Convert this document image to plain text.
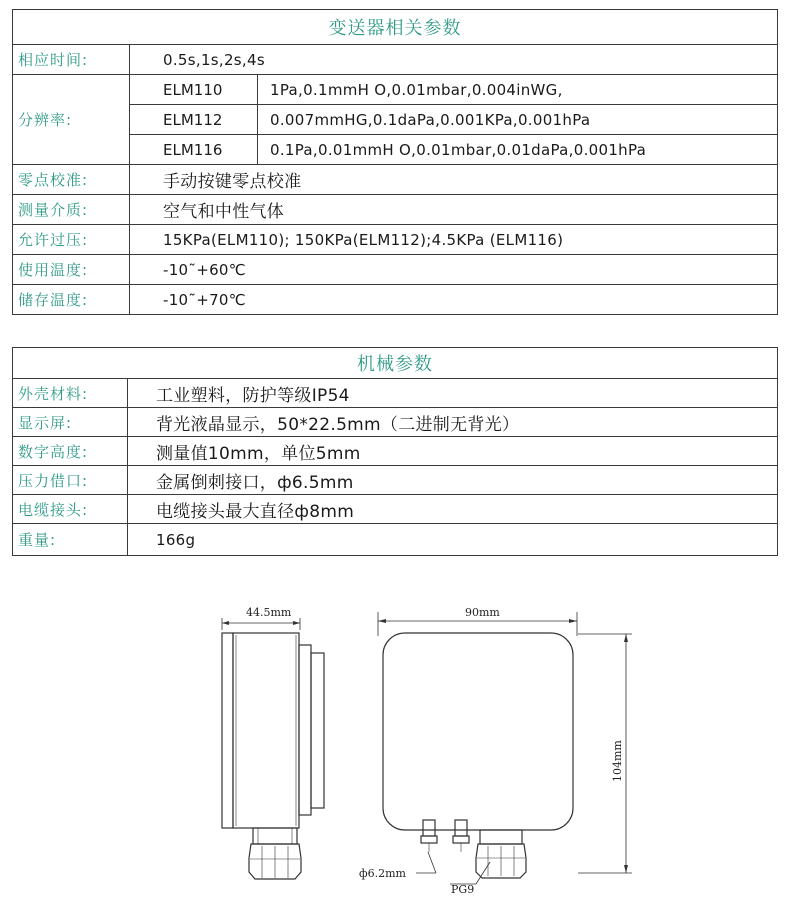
变送器相关参数		
相应时间:	0.5s,1s,2s,4s	
分辨率:	ELM110	1Pa,0.1mmH O,0.01mbar,0.004inWG,
	ELM112	0.007mmHG,0.1daPa,0.001KPa,0.001hPa
	ELM116	0.1Pa,0.01mmH O,0.01mbar,0.01daPa,0.001hPa
零点校准:	手动按键零点校准	
测量介质:	空气和中性气体	
允许过压:	15KPa(ELM110); 150KPa(ELM112);4.5KPa (ELM116)	
使用温度:	-10˜+60℃	
储存温度:	-10˜+70℃	
机械参数	
外壳材料:	工业塑料，防护等级IP54
显示屏:	背光液晶显示，50*22.5mm（二进制无背光）
数字高度:	测量值10mm，单位5mm
压力借口:	金属倒刺接口，ф6.5mm
电缆接头:	电缆接头最大直径ф8mm
重量:	166g
44.5mm	90mm
104mm
ф6.2mm
PG9
